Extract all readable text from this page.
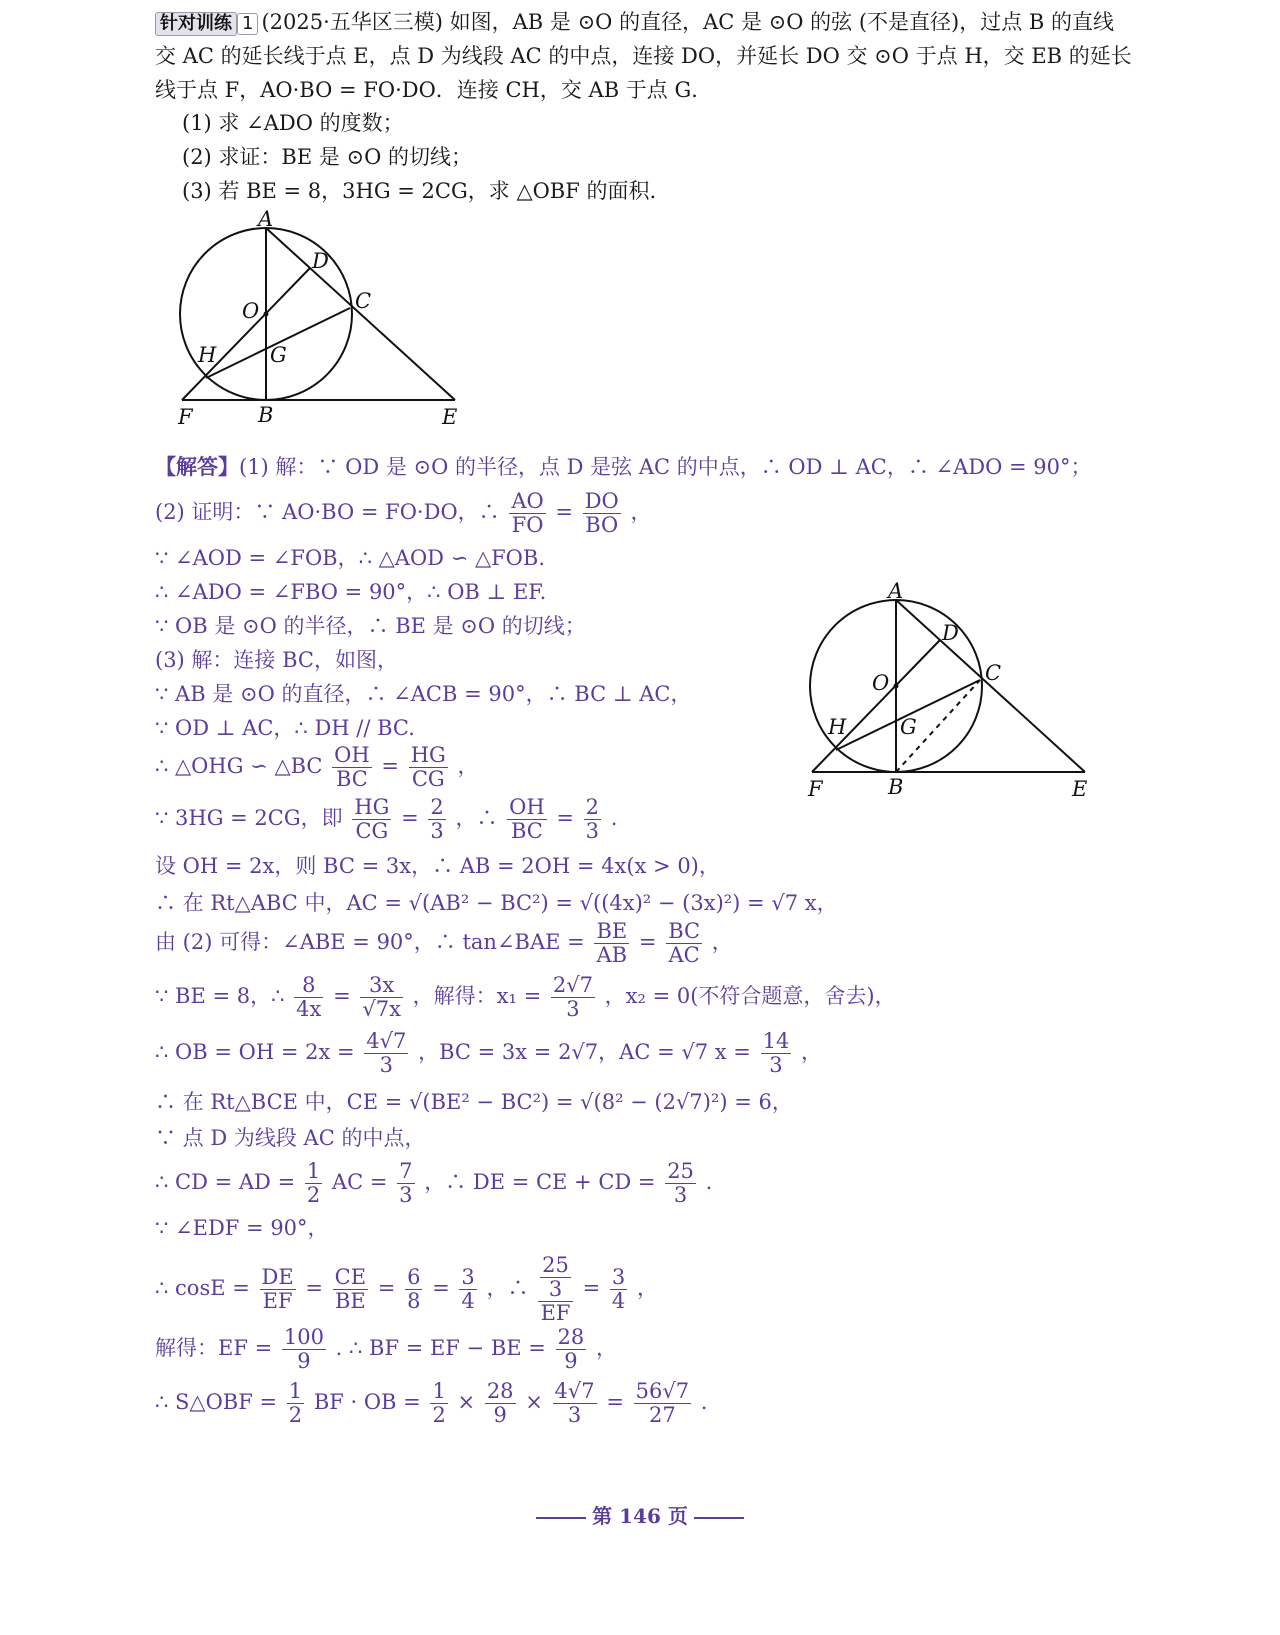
针对训练 1 (2025·五华区三模) 如图，AB 是 ⊙O 的直径，AC 是 ⊙O 的弦 (不是直径)，过点 B 的直线
交 AC 的延长线于点 E，点 D 为线段 AC 的中点，连接 DO，并延长 DO 交 ⊙O 于点 H，交 EB 的延长
线于点 F，AO·BO = FO·DO．连接 CH，交 AB 于点 G．
(1) 求 ∠ADO 的度数；
(2) 求证：BE 是 ⊙O 的切线；
(3) 若 BE = 8，3HG = 2CG，求 △OBF 的面积.
A
D
C
O
H	G
F	B	E
A
D
C
O
H	G
F	B	E
【解答】(1) 解：∵ OD 是 ⊙O 的半径，点 D 是弦 AC 的中点，∴ OD ⊥ AC，∴ ∠ADO = 90°；
(2) 证明：∵ AO·BO = FO·DO，∴ $\frac{AO}{FO} = \frac{DO}{BO}$ ，
∵ ∠AOD = ∠FOB，∴ △AOD ∽ △FOB.
∴ ∠ADO = ∠FBO = 90°，∴ OB ⊥ EF.
∵ OB 是 ⊙O 的半径，∴ BE 是 ⊙O 的切线；
(3) 解：连接 BC，如图，
∵ AB 是 ⊙O 的直径，∴ ∠ACB = 90°，∴ BC ⊥ AC，
∵ OD ⊥ AC，∴ DH // BC.
∴ △OHG ∽ △BC $\frac{OH}{BC} = \frac{HG}{CG}$ ，
∵ 3HG = 2CG，即 $\frac{HG}{CG} = \frac{2}{3}$ ，∴ $\frac{OH}{BC} = \frac{2}{3}$ .
设 OH = 2x，则 BC = 3x，∴ AB = 2OH = 4x(x > 0)，
∴ 在 Rt△ABC 中，AC = √(AB² − BC²) = √((4x)² − (3x)²) = √7 x，
由 (2) 可得：∠ABE = 90°，∴ tan∠BAE = $\frac{BE}{AB} = \frac{BC}{AC}$ ，
∵ BE = 8，∴ $\frac{8}{4x} = \frac{3x}{√7x}$ ，解得：$x_1 = \frac{2√7}{3}$ ，x₂ = 0(不符合题意，舍去)，
∴ OB = OH = $2x = \frac{4√7}{3}$ ，BC = 3x = 2√7，AC = √7 $x = \frac{14}{3}$ ，
∴ 在 Rt△BCE 中，CE = √(BE² − BC²) = √(8² − (2√7)²) = 6，
∵ 点 D 为线段 AC 的中点，
∴ CD = AD = $\frac{1}{2}$ AC = $\frac{7}{3}$ ，∴ DE = CE + CD = $\frac{25}{3}$ .
∵ ∠EDF = 90°，
∴ $\cos E = \frac{DE}{EF} = \frac{CE}{BE} = \frac{6}{8} = \frac{3}{4}$ ，∴ $\frac{\frac{25}{3}}{EF} = \frac{3}{4}$ ，
解得：EF = $\frac{100}{9}$ . ∴ BF = EF − BE = $\frac{28}{9}$ ，
∴ S△OBF = $\frac{1}{2}$ BF · OB = $\frac{1}{2} \times \frac{28}{9} \times \frac{4√7}{3} = \frac{56√7}{27}$ .
第 146 页
